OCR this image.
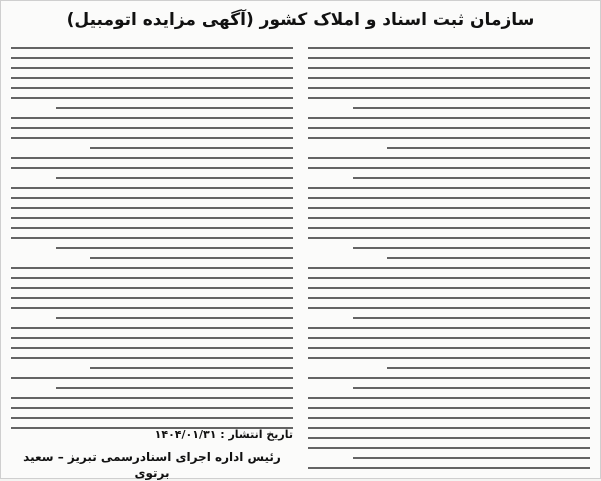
سازمان ثبت اسناد و املاک کشور (آگهی مزایده اتومبیل)
تاریخ انتشار : ۱۴۰۴/۰۱/۳۱
رئیس اداره اجرای اسنادرسمی تبریز – سعید برتوی
